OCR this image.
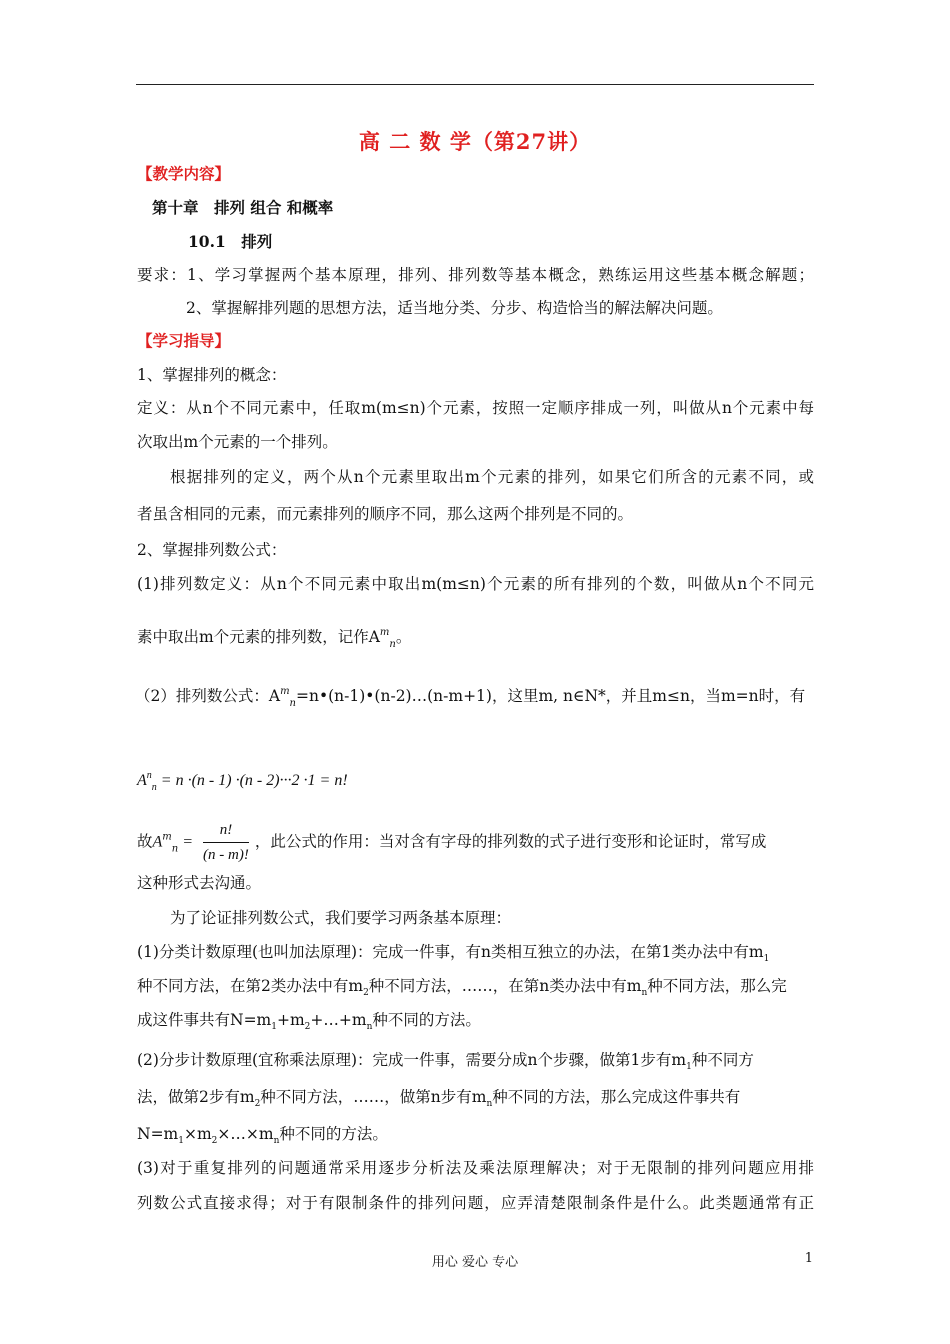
高 二 数 学（第27讲）
【教学内容】
第十章　排列 组合 和概率
10.1　排列
要求：1、学习掌握两个基本原理，排列、排列数等基本概念，熟练运用这些基本概念解题；
2、掌握解排列题的思想方法，适当地分类、分步、构造恰当的解法解决问题。
【学习指导】
1、掌握排列的概念：
定义：从n个不同元素中，任取m(m≤n)个元素，按照一定顺序排成一列，叫做从n个元素中每
次取出m个元素的一个排列。
根据排列的定义，两个从n个元素里取出m个元素的排列，如果它们所含的元素不同，或
者虽含相同的元素，而元素排列的顺序不同，那么这两个排列是不同的。
2、掌握排列数公式：
(1)排列数定义：从n个不同元素中取出m(m≤n)个元素的所有排列的个数，叫做从n个不同元
素中取出m个元素的排列数，记作$A^m_n$。
（2）排列数公式：$A^m_n=n•(n-1)•(n-2)\dots(n-m+1)$，这里m, n∈N*，并且m≤n，当m=n时，有
$A^n_n = n \cdot(n - 1) \cdot(n - 2)\cdot\cdot\cdot 2 \cdot 1 = n$!
故$A^m_n = \frac{n!}{(n - m)!}$ ，此公式的作用：当对含有字母的排列数的式子进行变形和论证时，常写成
这种形式去沟通。
为了论证排列数公式，我们要学习两条基本原理：
(1)分类计数原理(也叫加法原理)：完成一件事，有n类相互独立的办法，在第1类办法中有$m_1$
种不同方法，在第2类办法中有$m_2$种不同方法，……，在第n类办法中有$m_n$种不同方法，那么完
成这件事共有$N=m_1+m_2+\dots+m_n$种不同的方法。
(2)分步计数原理(宜称乘法原理)：完成一件事，需要分成n个步骤，做第1步有$m_1$种不同方
法，做第2步有$m_2$种不同方法，……，做第n步有$m_n$种不同的方法，那么完成这件事共有
$N=m_1\times m_2\times\dots\times m_n$种不同的方法。
(3)对于重复排列的问题通常采用逐步分析法及乘法原理解决；对于无限制的排列问题应用排
列数公式直接求得；对于有限制条件的排列问题，应弄清楚限制条件是什么。此类题通常有正
用心 爱心 专心	1
